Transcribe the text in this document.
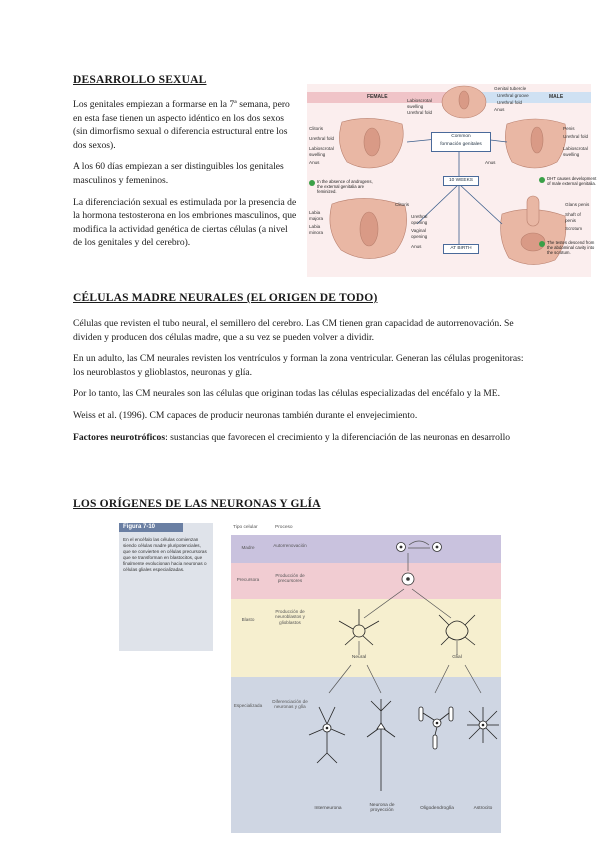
DESARROLLO SEXUAL

Los genitales empiezan a formarse en la 7ª semana, pero en esta fase tienen un aspecto idéntico en los dos sexos (sin dimorfismo sexual o diferencia estructural entre los dos sexos).

A los 60 días empiezan a ser distinguibles los genitales masculinos y femeninos.

La diferenciación sexual es estimulada por la presencia de la hormona testosterona en los embriones masculinos, que modifica la actividad genética de ciertas células (a nivel de los genitales y del cerebro).

FEMALE	MALE
Common
formación genitales
10 WEEKS
AT BIRTH
Genital tubercle
Urethral groove
Urethral fold
Anus
Labioscrotal swelling
Urethral fold
Clitoris
Urethral fold
Labioscrotal swelling
Anus
Penis
Urethral fold
Labioscrotal swelling
Anus
Clitoris
Labia majora
Labia minora
Urethral opening
Vaginal opening
Anus
Glans penis
Shaft of penis
Scrotum
In the absence of androgens, the external genitalia are feminized.
DHT causes development of male external genitalia.
The testes descend from the abdominal cavity into the scrotum.
CÉLULAS MADRE NEURALES (EL ORIGEN DE TODO)

Células que revisten el tubo neural, el semillero del cerebro. Las CM tienen gran capacidad de autorrenovación. Se dividen y producen dos células madre, que a su vez se pueden volver a dividir.

En un adulto, las CM neurales revisten los ventrículos y forman la zona ventricular. Generan las células progenitoras: los neuroblastos y glioblastos, neuronas y glía.

Por lo tanto, las CM neurales son las células que originan todas las células especializadas del encéfalo y la ME.

Weiss et al. (1996). CM capaces de producir neuronas también durante el envejecimiento.

Factores neurotróficos: sustancias que favorecen el crecimiento y la diferenciación de las neuronas en desarrollo

LOS ORÍGENES DE LAS NEURONAS Y GLÍA
Figura 7-10
En el encéfalo las células comienzan siendo células madre pluripotenciales, que se convierten en células precursoras que se transforman en blastocitos, que finalmente evolucionan hacia neuronas o células gliales especializadas.
Tipo celular	Proceso
Madre	Autorrenovación
Precursora
Producción de precursores
Blasto
Producción de neuroblastos y glioblastos
Especializada
Diferenciación de neuronas y glía
Neural	Glial
Interneurona
Neurona de proyección	Oligodendroglía	Astrocito
